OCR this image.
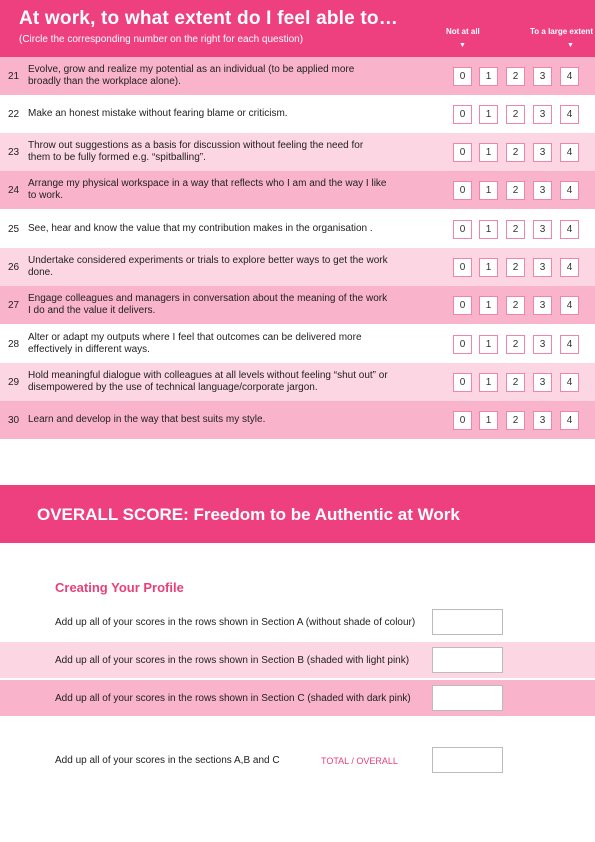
At work, to what extent do I feel able to…
(Circle the corresponding number on the right for each question)
Not at all
▼
To a large extent
▼
21
Evolve, grow and realize my potential as an individual (to be applied more broadly than the workplace alone).	0	1	2	3	4
22 Make an honest mistake without fearing blame or criticism.	0	1	2	3	4
23
Throw out suggestions as a basis for discussion without feeling the need for them to be fully formed e.g. “spitballing”.	0	1	2	3	4
24
Arrange my physical workspace in a way that reflects who I am and the way I like to work.	0	1	2	3	4
25 See, hear and know the value that my contribution makes in the organisation .	0	1	2	3	4
26
Undertake considered experiments or trials to explore better ways to get the work done.	0	1	2	3	4
27
Engage colleagues and managers in conversation about the meaning of the work I do and the value it delivers.	0	1	2	3	4
28
Alter or adapt my outputs where I feel that outcomes can be delivered more effectively in different ways.	0	1	2	3	4
29
Hold meaningful dialogue with colleagues at all levels without feeling “shut out” or disempowered by the use of technical language/corporate jargon.	0	1	2	3	4
30 Learn and develop in the way that best suits my style.	0	1	2	3	4
OVERALL SCORE: Freedom to be Authentic at Work
Creating Your Profile
Add up all of your scores in the rows shown in Section A (without shade of colour)
Add up all of your scores in the rows shown in Section B (shaded with light pink)
Add up all of your scores in the rows shown in Section C (shaded with dark pink)
Add up all of your scores in the sections A,B and C	TOTAL / OVERALL
